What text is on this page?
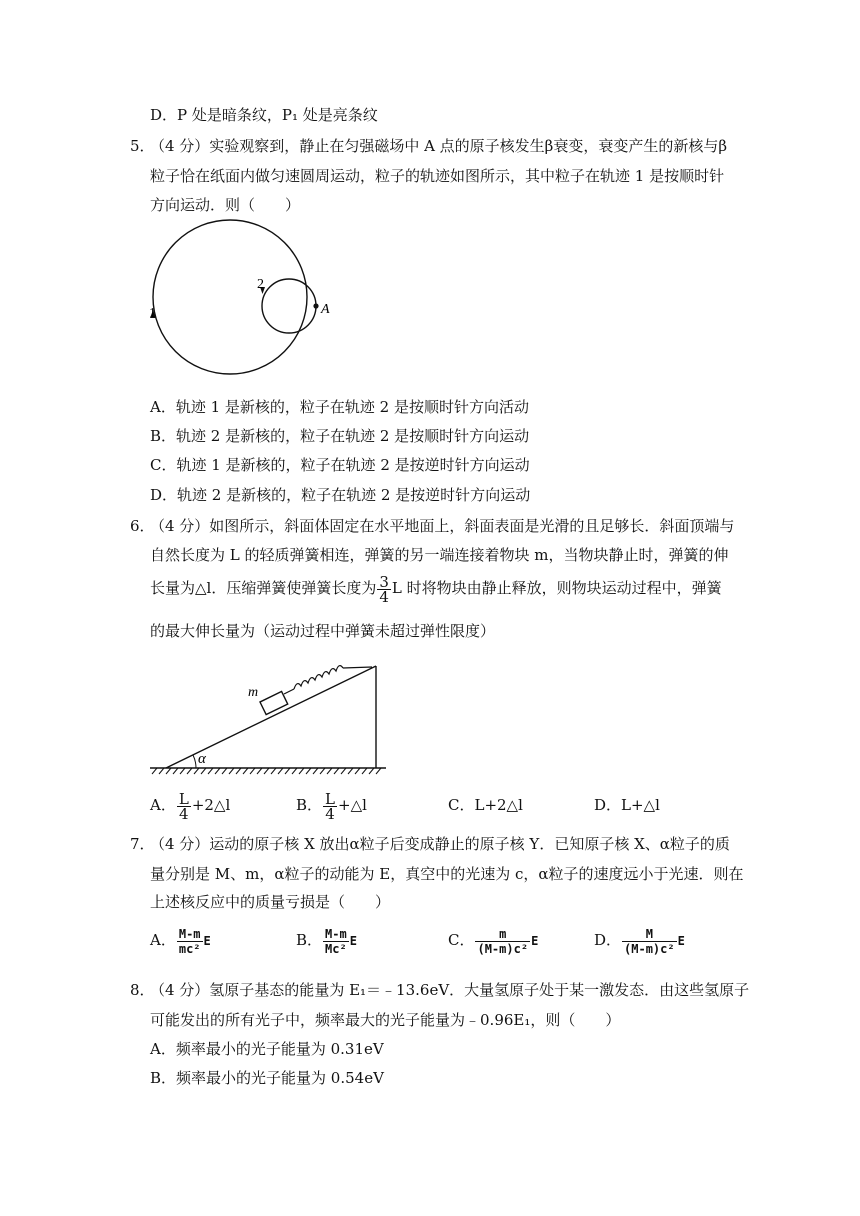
D．P 处是暗条纹，P₁ 处是亮条纹
5．
（4 分）实验观察到，静止在匀强磁场中 A 点的原子核发生β衰变，衰变产生的新核与β
粒子恰在纸面内做匀速圆周运动，粒子的轨迹如图所示，其中粒子在轨迹 1 是按顺时针
方向运动．则（　　）
1
2
A
A．轨迹 1 是新核的，粒子在轨迹 2 是按顺时针方向活动
B．轨迹 2 是新核的，粒子在轨迹 2 是按顺时针方向运动
C．轨迹 1 是新核的，粒子在轨迹 2 是按逆时针方向运动
D．轨迹 2 是新核的，粒子在轨迹 2 是按逆时针方向运动
6．
（4 分）如图所示，斜面体固定在水平地面上，斜面表面是光滑的且足够长．斜面顶端与
自然长度为 L 的轻质弹簧相连，弹簧的另一端连接着物块 m，当物块静止时，弹簧的伸
长量为△l．压缩弹簧使弹簧长度为 $\frac{3}{4}$ L 时将物块由静止释放，则物块运动过程中，弹簧
的最大伸长量为（运动过程中弹簧未超过弹性限度）
α
m
A． $\frac{L}{4}$ +2△l	B． $\frac{L}{4}$ +△l	C．L+2△l	D．L+△l
7．
（4 分）运动的原子核 X 放出α粒子后变成静止的原子核 Y．已知原子核 X、α粒子的质
量分别是 M、m，α粒子的动能为 E，真空中的光速为 c，α粒子的速度远小于光速．则在
上述核反应中的质量亏损是（　　）
A． $\frac{M-m}{\text{mc²}}$ E	B． $\frac{M-m}{\text{Mc²}}$ E	C． $\frac{m}{\text{(M-m)c²}}$ E	D． $\frac{M}{\text{(M-m)c²}}$ E
8．
（4 分）氢原子基态的能量为 E₁＝﹣13.6eV．大量氢原子处于某一激发态．由这些氢原子
可能发出的所有光子中，频率最大的光子能量为﹣0.96E₁，则（　　）
A．频率最小的光子能量为 0.31eV
B．频率最小的光子能量为 0.54eV
